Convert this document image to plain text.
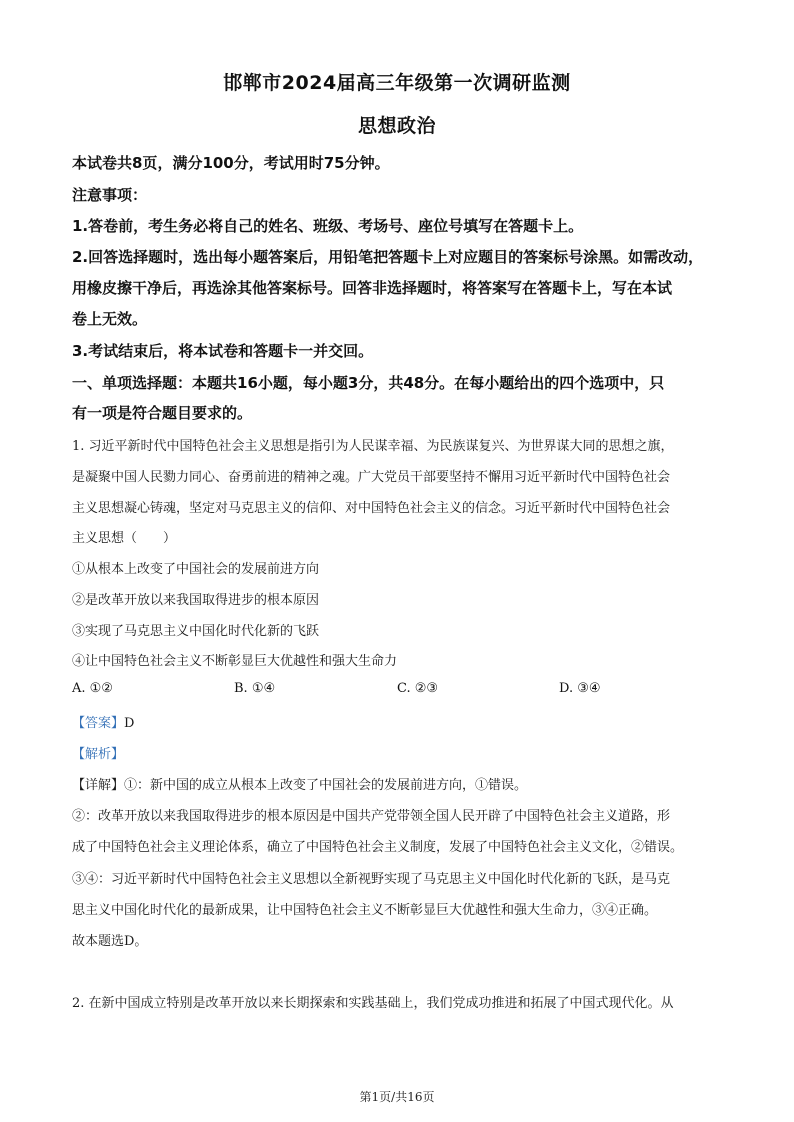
邯郸市2024届高三年级第一次调研监测
思想政治
本试卷共8页，满分100分，考试用时75分钟。
注意事项：
1.答卷前，考生务必将自己的姓名、班级、考场号、座位号填写在答题卡上。
2.回答选择题时，选出每小题答案后，用铅笔把答题卡上对应题目的答案标号涂黑。如需改动，
用橡皮擦干净后，再选涂其他答案标号。回答非选择题时，将答案写在答题卡上，写在本试
卷上无效。
3.考试结束后，将本试卷和答题卡一并交回。
一、单项选择题：本题共16小题，每小题3分，共48分。在每小题给出的四个选项中，只
有一项是符合题目要求的。
1. 习近平新时代中国特色社会主义思想是指引为人民谋幸福、为民族谋复兴、为世界谋大同的思想之旗，
是凝聚中国人民勠力同心、奋勇前进的精神之魂。广大党员干部要坚持不懈用习近平新时代中国特色社会
主义思想凝心铸魂，坚定对马克思主义的信仰、对中国特色社会主义的信念。习近平新时代中国特色社会
主义思想（　　）
①从根本上改变了中国社会的发展前进方向
②是改革开放以来我国取得进步的根本原因
③实现了马克思主义中国化时代化新的飞跃
④让中国特色社会主义不断彰显巨大优越性和强大生命力
A. ①②	B. ①④	C. ②③	D. ③④
【答案】D
【解析】
【详解】①：新中国的成立从根本上改变了中国社会的发展前进方向，①错误。
②：改革开放以来我国取得进步的根本原因是中国共产党带领全国人民开辟了中国特色社会主义道路，形
成了中国特色社会主义理论体系，确立了中国特色社会主义制度，发展了中国特色社会主义文化，②错误。
③④：习近平新时代中国特色社会主义思想以全新视野实现了马克思主义中国化时代化新的飞跃，是马克
思主义中国化时代化的最新成果，让中国特色社会主义不断彰显巨大优越性和强大生命力，③④正确。
故本题选D。
2. 在新中国成立特别是改革开放以来长期探索和实践基础上，我们党成功推进和拓展了中国式现代化。从
第1页/共16页
